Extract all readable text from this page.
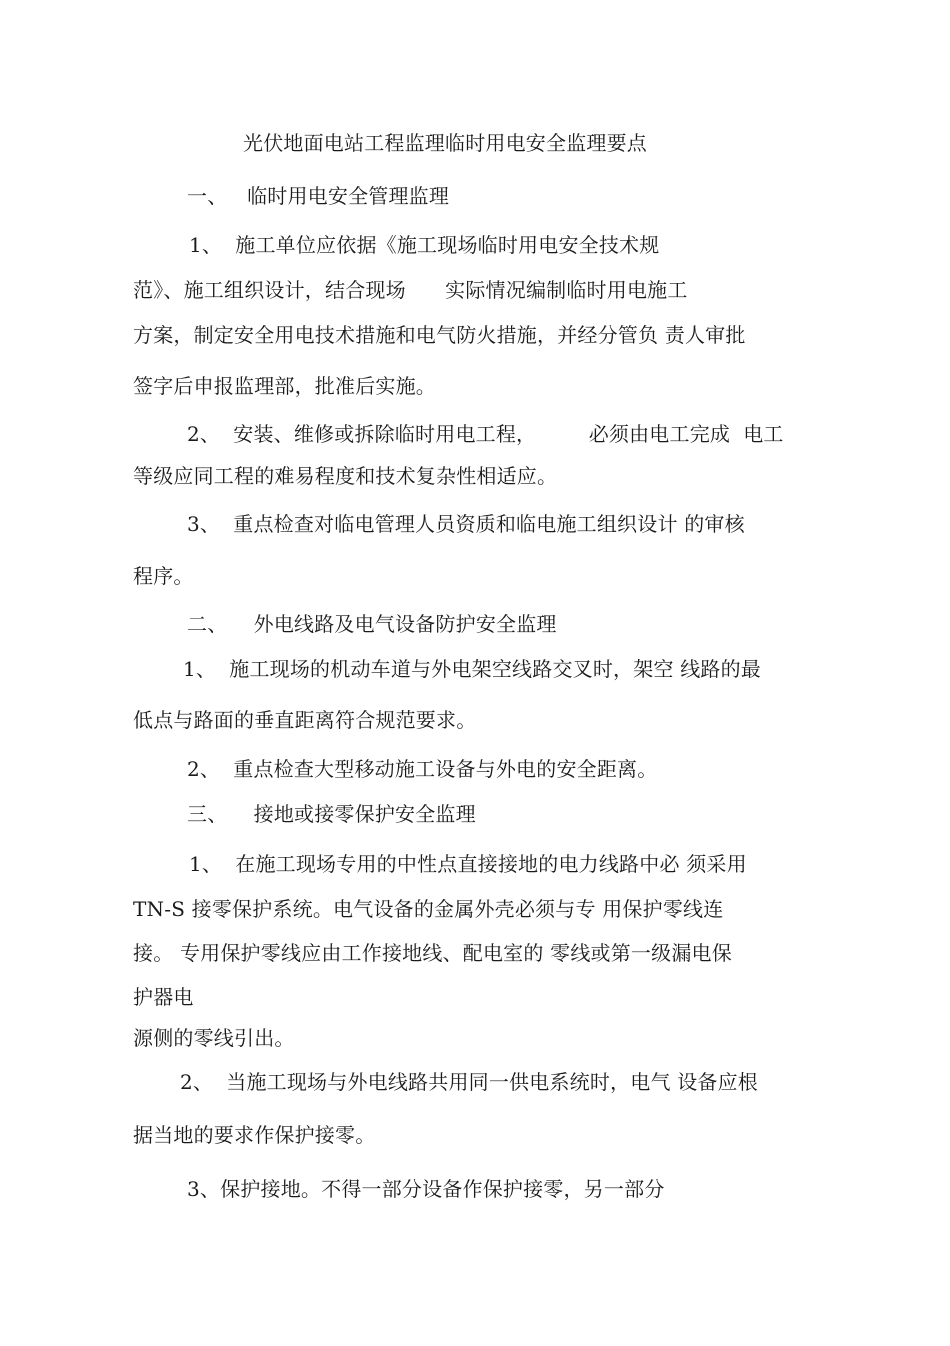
光伏地面电站工程监理临时用电安全监理要点
一、   临时用电安全管理监理
1、  施工单位应依据《施工现场临时用电安全技术规
范》、施工组织设计，结合现场      实际情况编制临时用电施工
方案，制定安全用电技术措施和电气防火措施，并经分管负 责人审批
签字后申报监理部，批准后实施。
2、  安装、维修或拆除临时用电工程，        必须由电工完成  电工
等级应同工程的难易程度和技术复杂性相适应。
3、  重点检查对临电管理人员资质和临电施工组织设计 的审核
程序。
二、    外电线路及电气设备防护安全监理
1、  施工现场的机动车道与外电架空线路交叉时，架空 线路的最
低点与路面的垂直距离符合规范要求。
2、  重点检查大型移动施工设备与外电的安全距离。
三、    接地或接零保护安全监理
1、  在施工现场专用的中性点直接接地的电力线路中必 须采用
TN-S 接零保护系统。电气设备的金属外壳必须与专 用保护零线连
接。 专用保护零线应由工作接地线、配电室的 零线或第一级漏电保
护器电
源侧的零线引出。
2、  当施工现场与外电线路共用同一供电系统时，电气 设备应根
据当地的要求作保护接零。
3、保护接地。不得一部分设备作保护接零，另一部分
